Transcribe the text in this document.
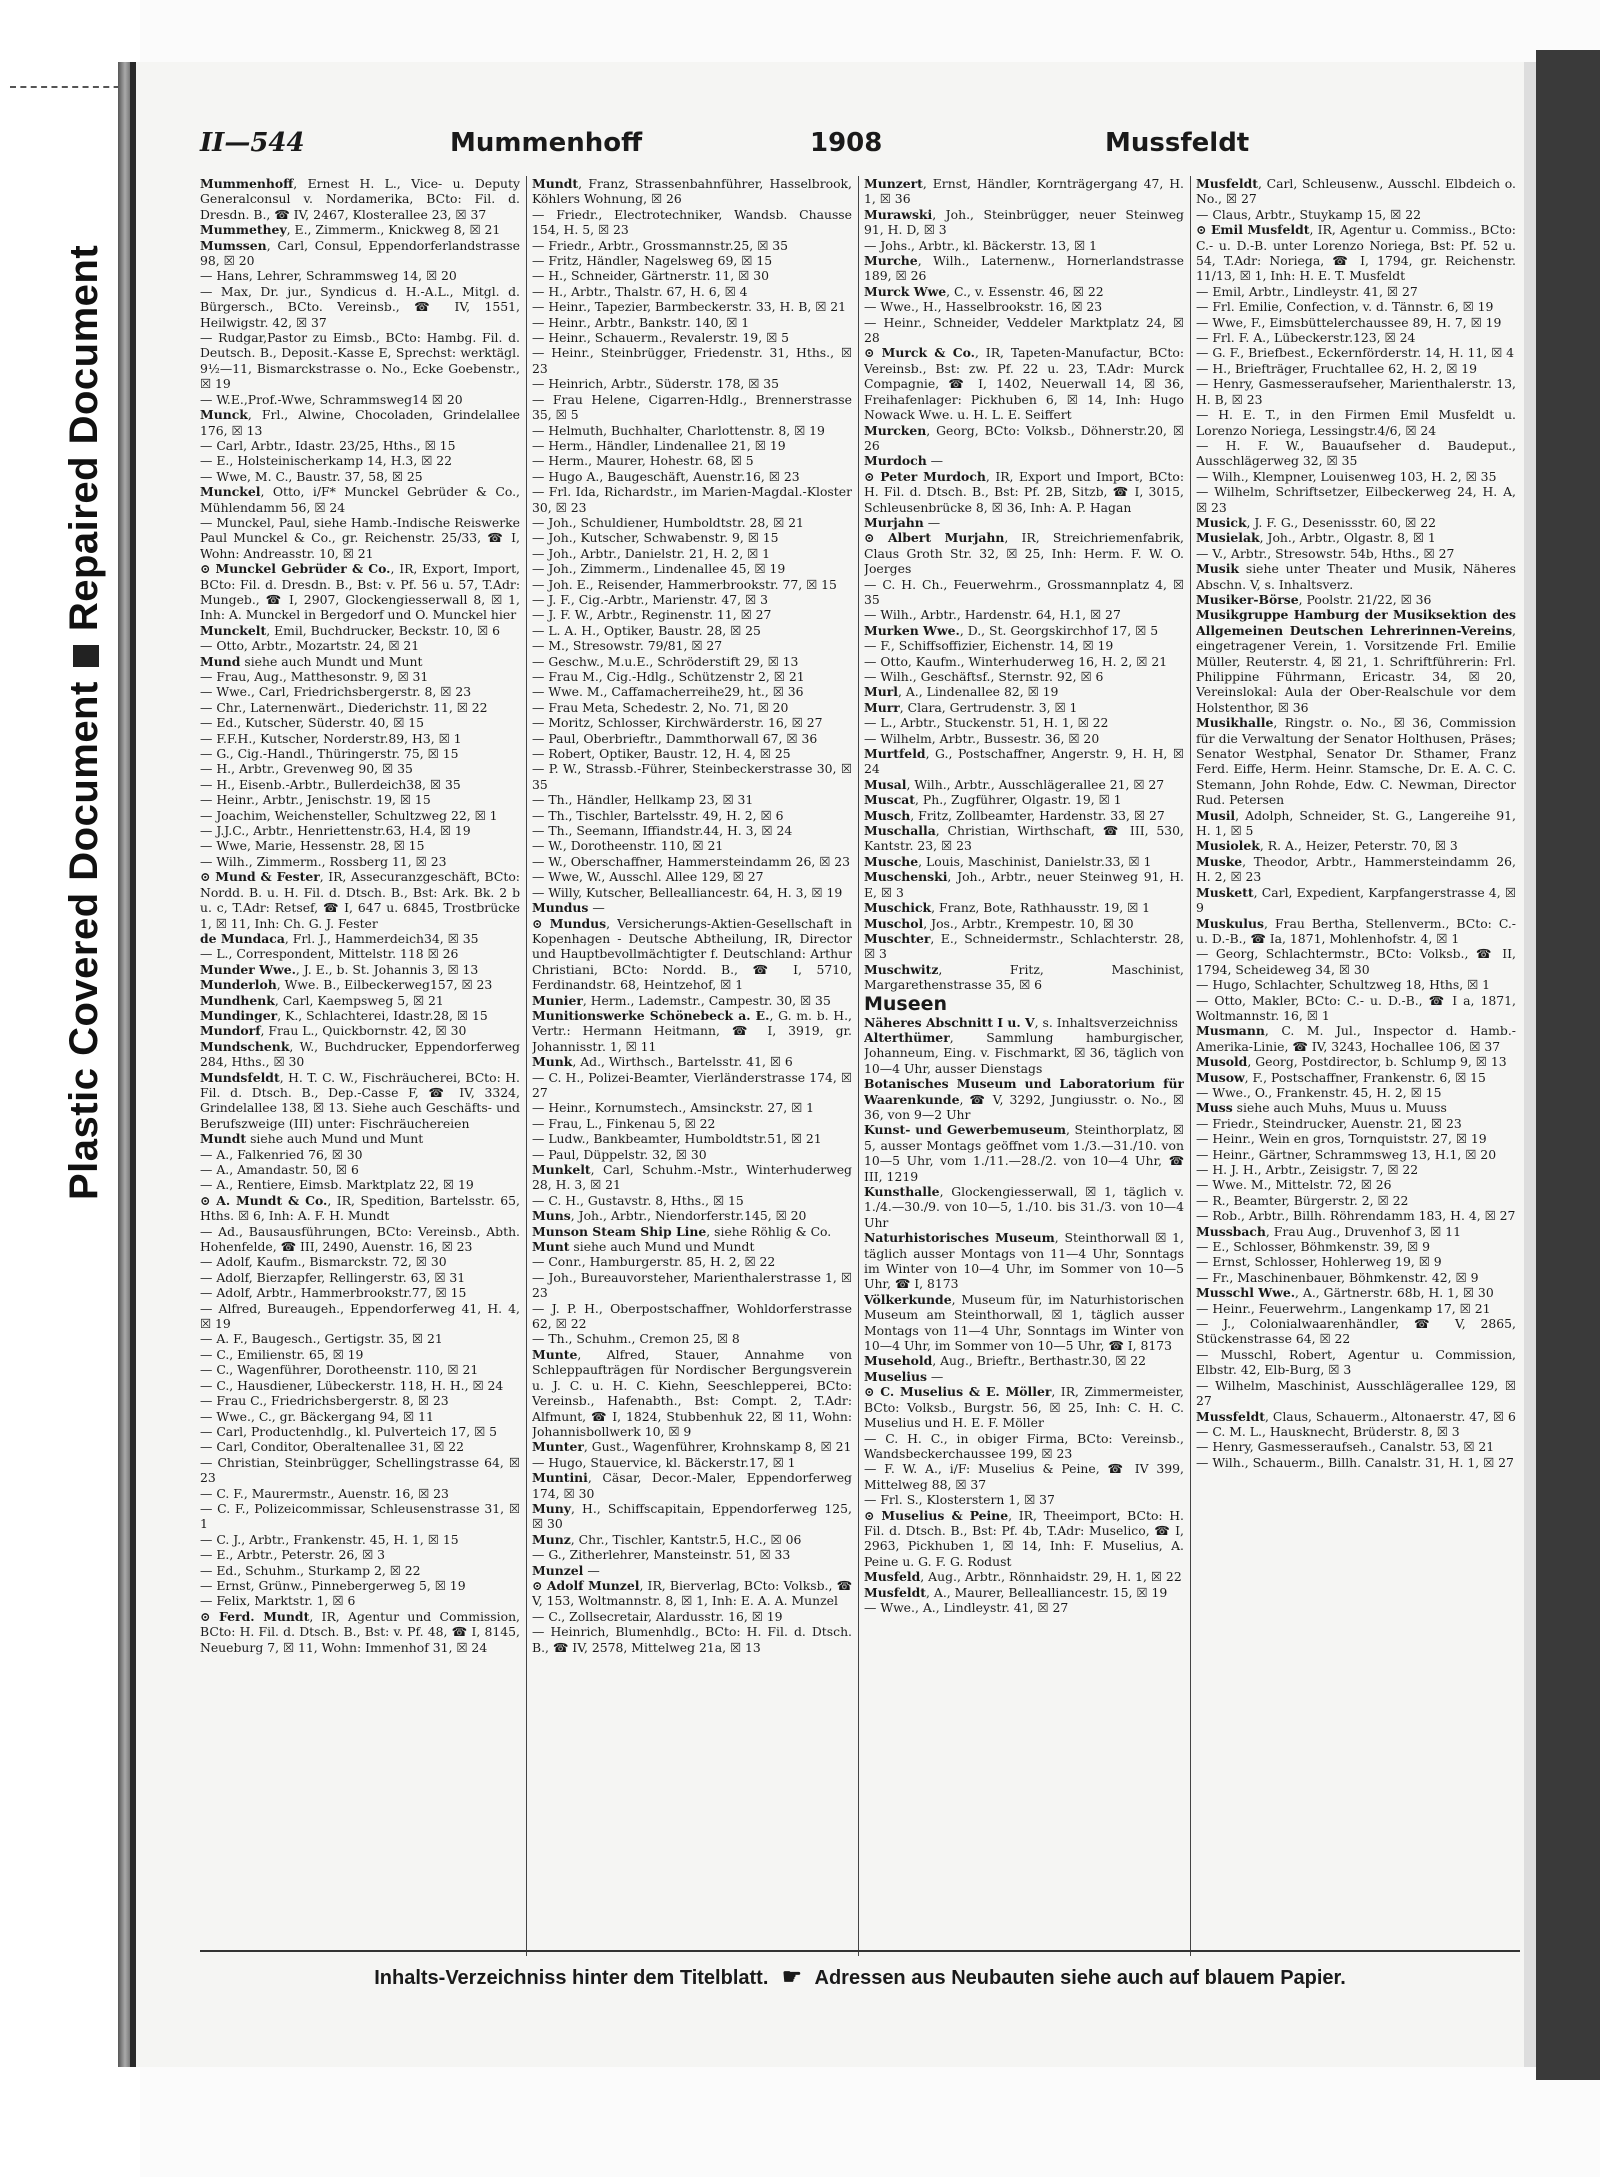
Plastic Covered DocumentRepaired Document
II—544	Mummenhoff	1908	Mussfeldt

Mummenhoff, Ernest H. L., Vice- u. Deputy Generalconsul v. Nordamerika, BCto: Fil. d. Dresdn. B., ☎ IV, 2467, Klosterallee 23, ☒ 37

Mummethey, E., Zimmerm., Knickweg 8, ☒ 21

Mumssen, Carl, Consul, Eppendorferlandstrasse 98, ☒ 20

— Hans, Lehrer, Schrammsweg 14, ☒ 20

— Max, Dr. jur., Syndicus d. H.-A.L., Mitgl. d. Bürgersch., BCto. Vereinsb., ☎ IV, 1551, Heilwigstr. 42, ☒ 37

— Rudgar,Pastor zu Eimsb., BCto: Hambg. Fil. d. Deutsch. B., Deposit.-Kasse E, Sprechst: werktägl. 9½—11, Bismarckstrasse o. No., Ecke Goebenstr., ☒ 19

— W.E.,Prof.-Wwe, Schrammsweg14 ☒ 20

Munck, Frl., Alwine, Chocoladen, Grindelallee 176, ☒ 13

— Carl, Arbtr., Idastr. 23/25, Hths., ☒ 15

— E., Holsteinischerkamp 14, H.3, ☒ 22

— Wwe, M. C., Baustr. 37, 58, ☒ 25

Munckel, Otto, i/F* Munckel Gebrüder & Co., Mühlendamm 56, ☒ 24

— Munckel, Paul, siehe Hamb.-Indische Reiswerke Paul Munckel & Co., gr. Reichenstr. 25/33, ☎ I, Wohn: Andreasstr. 10, ☒ 21

⊙ Munckel Gebrüder & Co., IR, Export, Import, BCto: Fil. d. Dresdn. B., Bst: v. Pf. 56 u. 57, T.Adr: Mungeb., ☎ I, 2907, Glockengiesserwall 8, ☒ 1, Inh: A. Munckel in Bergedorf und O. Munckel hier

Munckelt, Emil, Buchdrucker, Beckstr. 10, ☒ 6

— Otto, Arbtr., Mozartstr. 24, ☒ 21

Mund siehe auch Mundt und Munt

— Frau, Aug., Matthesonstr. 9, ☒ 31

— Wwe., Carl, Friedrichsbergerstr. 8, ☒ 23

— Chr., Laternenwärt., Diederichstr. 11, ☒ 22

— Ed., Kutscher, Süderstr. 40, ☒ 15

— F.F.H., Kutscher, Norderstr.89, H3, ☒ 1

— G., Cig.-Handl., Thüringerstr. 75, ☒ 15

— H., Arbtr., Grevenweg 90, ☒ 35

— H., Eisenb.-Arbtr., Bullerdeich38, ☒ 35

— Heinr., Arbtr., Jenischstr. 19, ☒ 15

— Joachim, Weichensteller, Schultzweg 22, ☒ 1

— J.J.C., Arbtr., Henriettenstr.63, H.4, ☒ 19

— Wwe, Marie, Hessenstr. 28, ☒ 15

— Wilh., Zimmerm., Rossberg 11, ☒ 23

⊙ Mund & Fester, IR, Assecuranzgeschäft, BCto: Nordd. B. u. H. Fil. d. Dtsch. B., Bst: Ark. Bk. 2 b u. c, T.Adr: Retsef, ☎ I, 647 u. 6845, Trostbrücke 1, ☒ 11, Inh: Ch. G. J. Fester

de Mundaca, Frl. J., Hammerdeich34, ☒ 35

— L., Correspondent, Mittelstr. 118 ☒ 26

Munder Wwe., J. E., b. St. Johannis 3, ☒ 13

Munderloh, Wwe. B., Eilbeckerweg157, ☒ 23

Mundhenk, Carl, Kaempsweg 5, ☒ 21

Mundinger, K., Schlachterei, Idastr.28, ☒ 15

Mundorf, Frau L., Quickbornstr. 42, ☒ 30

Mundschenk, W., Buchdrucker, Eppendorferweg 284, Hths., ☒ 30

Mundsfeldt, H. T. C. W., Fischräucherei, BCto: H. Fil. d. Dtsch. B., Dep.-Casse F, ☎ IV, 3324, Grindelallee 138, ☒ 13. Siehe auch Geschäfts- und Berufszweige (III) unter: Fischräuchereien

Mundt siehe auch Mund und Munt

— A., Falkenried 76, ☒ 30

— A., Amandastr. 50, ☒ 6

— A., Rentiere, Eimsb. Marktplatz 22, ☒ 19

⊙ A. Mundt & Co., IR, Spedition, Bartelsstr. 65, Hths. ☒ 6, Inh: A. F. H. Mundt

— Ad., Bausausführungen, BCto: Vereinsb., Abth. Hohenfelde, ☎ III, 2490, Auenstr. 16, ☒ 23

— Adolf, Kaufm., Bismarckstr. 72, ☒ 30

— Adolf, Bierzapfer, Rellingerstr. 63, ☒ 31

— Adolf, Arbtr., Hammerbrookstr.77, ☒ 15

— Alfred, Bureaugeh., Eppendorferweg 41, H. 4, ☒ 19

— A. F., Baugesch., Gertigstr. 35, ☒ 21

— C., Emilienstr. 65, ☒ 19

— C., Wagenführer, Dorotheenstr. 110, ☒ 21

— C., Hausdiener, Lübeckerstr. 118, H. H., ☒ 24

— Frau C., Friedrichsbergerstr. 8, ☒ 23

— Wwe., C., gr. Bäckergang 94, ☒ 11

— Carl, Productenhdlg., kl. Pulverteich 17, ☒ 5

— Carl, Conditor, Oberaltenallee 31, ☒ 22

— Christian, Steinbrügger, Schellingstrasse 64, ☒ 23

— C. F., Maurermstr., Auenstr. 16, ☒ 23

— C. F., Polizeicommissar, Schleusenstrasse 31, ☒ 1

— C. J., Arbtr., Frankenstr. 45, H. 1, ☒ 15

— E., Arbtr., Peterstr. 26, ☒ 3

— Ed., Schuhm., Sturkamp 2, ☒ 22

— Ernst, Grünw., Pinnebergerweg 5, ☒ 19

— Felix, Marktstr. 1, ☒ 6

⊙ Ferd. Mundt, IR, Agentur und Commission, BCto: H. Fil. d. Dtsch. B., Bst: v. Pf. 48, ☎ I, 8145, Neueburg 7, ☒ 11, Wohn: Immenhof 31, ☒ 24

Mundt, Franz, Strassenbahnführer, Hasselbrook, Köhlers Wohnung, ☒ 26

— Friedr., Electrotechniker, Wandsb. Chausse 154, H. 5, ☒ 23

— Friedr., Arbtr., Grossmannstr.25, ☒ 35

— Fritz, Händler, Nagelsweg 69, ☒ 15

— H., Schneider, Gärtnerstr. 11, ☒ 30

— H., Arbtr., Thalstr. 67, H. 6, ☒ 4

— Heinr., Tapezier, Barmbeckerstr. 33, H. B, ☒ 21

— Heinr., Arbtr., Bankstr. 140, ☒ 1

— Heinr., Schauerm., Revalerstr. 19, ☒ 5

— Heinr., Steinbrügger, Friedenstr. 31, Hths., ☒ 23

— Heinrich, Arbtr., Süderstr. 178, ☒ 35

— Frau Helene, Cigarren-Hdlg., Brennerstrasse 35, ☒ 5

— Helmuth, Buchhalter, Charlottenstr. 8, ☒ 19

— Herm., Händler, Lindenallee 21, ☒ 19

— Herm., Maurer, Hohestr. 68, ☒ 5

— Hugo A., Baugeschäft, Auenstr.16, ☒ 23

— Frl. Ida, Richardstr., im Marien-Magdal.-Kloster 30, ☒ 23

— Joh., Schuldiener, Humboldtstr. 28, ☒ 21

— Joh., Kutscher, Schwabenstr. 9, ☒ 15

— Joh., Arbtr., Danielstr. 21, H. 2, ☒ 1

— Joh., Zimmerm., Lindenallee 45, ☒ 19

— Joh. E., Reisender, Hammerbrookstr. 77, ☒ 15

— J. F., Cig.-Arbtr., Marienstr. 47, ☒ 3

— J. F. W., Arbtr., Reginenstr. 11, ☒ 27

— L. A. H., Optiker, Baustr. 28, ☒ 25

— M., Stresowstr. 79/81, ☒ 27

— Geschw., M.u.E., Schröderstift 29, ☒ 13

— Frau M., Cig.-Hdlg., Schützenstr 2, ☒ 21

— Wwe. M., Caffamacherreihe29, ht., ☒ 36

— Frau Meta, Schedestr. 2, No. 71, ☒ 20

— Moritz, Schlosser, Kirchwärderstr. 16, ☒ 27

— Paul, Oberbrieftr., Dammthorwall 67, ☒ 36

— Robert, Optiker, Baustr. 12, H. 4, ☒ 25

— P. W., Strassb.-Führer, Steinbeckerstrasse 30, ☒ 35

— Th., Händler, Hellkamp 23, ☒ 31

— Th., Tischler, Bartelsstr. 49, H. 2, ☒ 6

— Th., Seemann, Iffiandstr.44, H. 3, ☒ 24

— W., Dorotheenstr. 110, ☒ 21

— W., Oberschaffner, Hammersteindamm 26, ☒ 23

— Wwe, W., Ausschl. Allee 129, ☒ 27

— Willy, Kutscher, Bellealliancestr. 64, H. 3, ☒ 19

Mundus —

⊙ Mundus, Versicherungs-Aktien-Gesellschaft in Kopenhagen - Deutsche Abtheilung, IR, Director und Hauptbevollmächtigter f. Deutschland: Arthur Christiani, BCto: Nordd. B., ☎ I, 5710, Ferdinandstr. 68, Heintzehof, ☒ 1

Munier, Herm., Lademstr., Campestr. 30, ☒ 35

Munitionswerke Schönebeck a. E., G. m. b. H., Vertr.: Hermann Heitmann, ☎ I, 3919, gr. Johannisstr. 1, ☒ 11

Munk, Ad., Wirthsch., Bartelsstr. 41, ☒ 6

— C. H., Polizei-Beamter, Vierländerstrasse 174, ☒ 27

— Heinr., Kornumstech., Amsinckstr. 27, ☒ 1

— Frau, L., Finkenau 5, ☒ 22

— Ludw., Bankbeamter, Humboldtstr.51, ☒ 21

— Paul, Düppelstr. 32, ☒ 30

Munkelt, Carl, Schuhm.-Mstr., Winterhuderweg 28, H. 3, ☒ 21

— C. H., Gustavstr. 8, Hths., ☒ 15

Muns, Joh., Arbtr., Niendorferstr.145, ☒ 20

Munson Steam Ship Line, siehe Röhlig & Co.

Munt siehe auch Mund und Mundt

— Conr., Hamburgerstr. 85, H. 2, ☒ 22

— Joh., Bureauvorsteher, Marienthalerstrasse 1, ☒ 23

— J. P. H., Oberpostschaffner, Wohldorferstrasse 62, ☒ 22

— Th., Schuhm., Cremon 25, ☒ 8

Munte, Alfred, Stauer, Annahme von Schleppaufträgen für Nordischer Bergungsverein u. J. C. u. H. C. Kiehn, Seeschlepperei, BCto: Vereinsb., Hafenabth., Bst: Compt. 2, T.Adr: Alfmunt, ☎ I, 1824, Stubbenhuk 22, ☒ 11, Wohn: Johannisbollwerk 10, ☒ 9

Munter, Gust., Wagenführer, Krohnskamp 8, ☒ 21

— Hugo, Stauervice, kl. Bäckerstr.17, ☒ 1

Muntini, Cäsar, Decor.-Maler, Eppendorferweg 174, ☒ 30

Muny, H., Schiffscapitain, Eppendorferweg 125, ☒ 30

Munz, Chr., Tischler, Kantstr.5, H.C., ☒ 06

— G., Zitherlehrer, Mansteinstr. 51, ☒ 33

Munzel —

⊙ Adolf Munzel, IR, Bierverlag, BCto: Volksb., ☎ V, 153, Woltmannstr. 8, ☒ 1, Inh: E. A. A. Munzel

— C., Zollsecretair, Alardusstr. 16, ☒ 19

— Heinrich, Blumenhdlg., BCto: H. Fil. d. Dtsch. B., ☎ IV, 2578, Mittelweg 21a, ☒ 13

Munzert, Ernst, Händler, Kornträgergang 47, H. 1, ☒ 36

Murawski, Joh., Steinbrügger, neuer Steinweg 91, H. D, ☒ 3

— Johs., Arbtr., kl. Bäckerstr. 13, ☒ 1

Murche, Wilh., Laternenw., Hornerlandstrasse 189, ☒ 26

Murck Wwe, C., v. Essenstr. 46, ☒ 22

— Wwe., H., Hasselbrookstr. 16, ☒ 23

— Heinr., Schneider, Veddeler Marktplatz 24, ☒ 28

⊙ Murck & Co., IR, Tapeten-Manufactur, BCto: Vereinsb., Bst: zw. Pf. 22 u. 23, T.Adr: Murck Compagnie, ☎ I, 1402, Neuerwall 14, ☒ 36, Freihafenlager: Pickhuben 6, ☒ 14, Inh: Hugo Nowack Wwe. u. H. L. E. Seiffert

Murcken, Georg, BCto: Volksb., Döhnerstr.20, ☒ 26

Murdoch —

⊙ Peter Murdoch, IR, Export und Import, BCto: H. Fil. d. Dtsch. B., Bst: Pf. 2B, Sitzb, ☎ I, 3015, Schleusenbrücke 8, ☒ 36, Inh: A. P. Hagan

Murjahn —

⊙ Albert Murjahn, IR, Streichriemenfabrik, Claus Groth Str. 32, ☒ 25, Inh: Herm. F. W. O. Joerges

— C. H. Ch., Feuerwehrm., Grossmannplatz 4, ☒ 35

— Wilh., Arbtr., Hardenstr. 64, H.1, ☒ 27

Murken Wwe., D., St. Georgskirchhof 17, ☒ 5

— F., Schiffsoffizier, Eichenstr. 14, ☒ 19

— Otto, Kaufm., Winterhuderweg 16, H. 2, ☒ 21

— Wilh., Geschäftsf., Sternstr. 92, ☒ 6

Murl, A., Lindenallee 82, ☒ 19

Murr, Clara, Gertrudenstr. 3, ☒ 1

— L., Arbtr., Stuckenstr. 51, H. 1, ☒ 22

— Wilhelm, Arbtr., Bussestr. 36, ☒ 20

Murtfeld, G., Postschaffner, Angerstr. 9, H. H, ☒ 24

Musal, Wilh., Arbtr., Ausschlägerallee 21, ☒ 27

Muscat, Ph., Zugführer, Olgastr. 19, ☒ 1

Musch, Fritz, Zollbeamter, Hardenstr. 33, ☒ 27

Muschalla, Christian, Wirthschaft, ☎ III, 530, Kantstr. 23, ☒ 23

Musche, Louis, Maschinist, Danielstr.33, ☒ 1

Muschenski, Joh., Arbtr., neuer Steinweg 91, H. E, ☒ 3

Muschick, Franz, Bote, Rathhausstr. 19, ☒ 1

Muschol, Jos., Arbtr., Krempestr. 10, ☒ 30

Muschter, E., Schneidermstr., Schlachterstr. 28, ☒ 3

Muschwitz, Fritz, Maschinist, Margarethenstrasse 35, ☒ 6

Museen

Näheres Abschnitt I u. V, s. Inhaltsverzeichniss

Alterthümer, Sammlung hamburgischer, Johanneum, Eing. v. Fischmarkt, ☒ 36, täglich von 10—4 Uhr, ausser Dienstags

Botanisches Museum und Laboratorium für Waarenkunde, ☎ V, 3292, Jungiusstr. o. No., ☒ 36, von 9—2 Uhr

Kunst- und Gewerbemuseum, Steinthorplatz, ☒ 5, ausser Montags geöffnet vom 1./3.—31./10. von 10—5 Uhr, vom 1./11.—28./2. von 10—4 Uhr, ☎ III, 1219

Kunsthalle, Glockengiesserwall, ☒ 1, täglich v. 1./4.—30./9. von 10—5, 1./10. bis 31./3. von 10—4 Uhr

Naturhistorisches Museum, Steinthorwall ☒ 1, täglich ausser Montags von 11—4 Uhr, Sonntags im Winter von 10—4 Uhr, im Sommer von 10—5 Uhr, ☎ I, 8173

Völkerkunde, Museum für, im Naturhistorischen Museum am Steinthorwall, ☒ 1, täglich ausser Montags von 11—4 Uhr, Sonntags im Winter von 10—4 Uhr, im Sommer von 10—5 Uhr, ☎ I, 8173

Musehold, Aug., Brieftr., Berthastr.30, ☒ 22

Muselius —

⊙ C. Muselius & E. Möller, IR, Zimmermeister, BCto: Volksb., Burgstr. 56, ☒ 25, Inh: C. H. C. Muselius und H. E. F. Möller

— C. H. C., in obiger Firma, BCto: Vereinsb., Wandsbeckerchaussee 199, ☒ 23

— F. W. A., i/F: Muselius & Peine, ☎ IV 399, Mittelweg 88, ☒ 37

— Frl. S., Klosterstern 1, ☒ 37

⊙ Muselius & Peine, IR, Theeimport, BCto: H. Fil. d. Dtsch. B., Bst: Pf. 4b, T.Adr: Muselico, ☎ I, 2963, Pickhuben 1, ☒ 14, Inh: F. Muselius, A. Peine u. G. F. G. Rodust

Musfeld, Aug., Arbtr., Rönnhaidstr. 29, H. 1, ☒ 22

Musfeldt, A., Maurer, Bellealliancestr. 15, ☒ 19

— Wwe., A., Lindleystr. 41, ☒ 27

Musfeldt, Carl, Schleusenw., Ausschl. Elbdeich o. No., ☒ 27

— Claus, Arbtr., Stuykamp 15, ☒ 22

⊙ Emil Musfeldt, IR, Agentur u. Commiss., BCto: C.- u. D.-B. unter Lorenzo Noriega, Bst: Pf. 52 u. 54, T.Adr: Noriega, ☎ I, 1794, gr. Reichenstr. 11/13, ☒ 1, Inh: H. E. T. Musfeldt

— Emil, Arbtr., Lindleystr. 41, ☒ 27

— Frl. Emilie, Confection, v. d. Tännstr. 6, ☒ 19

— Wwe, F., Eimsbüttelerchaussee 89, H. 7, ☒ 19

— Frl. F. A., Lübeckerstr.123, ☒ 24

— G. F., Briefbest., Eckernförderstr. 14, H. 11, ☒ 4

— H., Briefträger, Fruchtallee 62, H. 2, ☒ 19

— Henry, Gasmesseraufseher, Marienthalerstr. 13, H. B, ☒ 23

— H. E. T., in den Firmen Emil Musfeldt u. Lorenzo Noriega, Lessingstr.4/6, ☒ 24

— H. F. W., Bauaufseher d. Baudeput., Ausschlägerweg 32, ☒ 35

— Wilh., Klempner, Louisenweg 103, H. 2, ☒ 35

— Wilhelm, Schriftsetzer, Eilbeckerweg 24, H. A, ☒ 23

Musick, J. F. G., Desenissstr. 60, ☒ 22

Musielak, Joh., Arbtr., Olgastr. 8, ☒ 1

— V., Arbtr., Stresowstr. 54b, Hths., ☒ 27

Musik siehe unter Theater und Musik, Näheres Abschn. V, s. Inhaltsverz.

Musiker-Börse, Poolstr. 21/22, ☒ 36

Musikgruppe Hamburg der Musiksektion des Allgemeinen Deutschen Lehrerinnen-Vereins, eingetragener Verein, 1. Vorsitzende Frl. Emilie Müller, Reuterstr. 4, ☒ 21, 1. Schriftführerin: Frl. Philippine Führmann, Ericastr. 34, ☒ 20, Vereinslokal: Aula der Ober-Realschule vor dem Holstenthor, ☒ 36

Musikhalle, Ringstr. o. No., ☒ 36, Commission für die Verwaltung der Senator Holthusen, Präses; Senator Westphal, Senator Dr. Sthamer, Franz Ferd. Eiffe, Herm. Heinr. Stamsche, Dr. E. A. C. C. Stemann, John Rohde, Edw. C. Newman, Director Rud. Petersen

Musil, Adolph, Schneider, St. G., Langereihe 91, H. 1, ☒ 5

Musiolek, R. A., Heizer, Peterstr. 70, ☒ 3

Muske, Theodor, Arbtr., Hammersteindamm 26, H. 2, ☒ 23

Muskett, Carl, Expedient, Karpfangerstrasse 4, ☒ 9

Muskulus, Frau Bertha, Stellenverm., BCto: C.- u. D.-B., ☎ Ia, 1871, Mohlenhofstr. 4, ☒ 1

— Georg, Schlachtermstr., BCto: Volksb., ☎ II, 1794, Scheideweg 34, ☒ 30

— Hugo, Schlachter, Schultzweg 18, Hths, ☒ 1

— Otto, Makler, BCto: C.- u. D.-B., ☎ I a, 1871, Woltmannstr. 16, ☒ 1

Musmann, C. M. Jul., Inspector d. Hamb.-Amerika-Linie, ☎ IV, 3243, Hochallee 106, ☒ 37

Musold, Georg, Postdirector, b. Schlump 9, ☒ 13

Musow, F., Postschaffner, Frankenstr. 6, ☒ 15

— Wwe., O., Frankenstr. 45, H. 2, ☒ 15

Muss siehe auch Muhs, Muus u. Muuss

— Friedr., Steindrucker, Auenstr. 21, ☒ 23

— Heinr., Wein en gros, Tornquiststr. 27, ☒ 19

— Heinr., Gärtner, Schrammsweg 13, H.1, ☒ 20

— H. J. H., Arbtr., Zeisigstr. 7, ☒ 22

— Wwe. M., Mittelstr. 72, ☒ 26

— R., Beamter, Bürgerstr. 2, ☒ 22

— Rob., Arbtr., Billh. Röhrendamm 183, H. 4, ☒ 27

Mussbach, Frau Aug., Druvenhof 3, ☒ 11

— E., Schlosser, Böhmkenstr. 39, ☒ 9

— Ernst, Schlosser, Hohlerweg 19, ☒ 9

— Fr., Maschinenbauer, Böhmkenstr. 42, ☒ 9

Musschl Wwe., A., Gärtnerstr. 68b, H. 1, ☒ 30

— Heinr., Feuerwehrm., Langenkamp 17, ☒ 21

— J., Colonialwaarenhändler, ☎ V, 2865, Stückenstrasse 64, ☒ 22

— Musschl, Robert, Agentur u. Commission, Elbstr. 42, Elb-Burg, ☒ 3

— Wilhelm, Maschinist, Ausschlägerallee 129, ☒ 27

Mussfeldt, Claus, Schauerm., Altonaerstr. 47, ☒ 6

— C. M. L., Hausknecht, Brüderstr. 8, ☒ 3

— Henry, Gasmesseraufseh., Canalstr. 53, ☒ 21

— Wilh., Schauerm., Billh. Canalstr. 31, H. 1, ☒ 27

Inhalts-Verzeichniss hinter dem Titelblatt. ☛ Adressen aus Neubauten siehe auch auf blauem Papier.
